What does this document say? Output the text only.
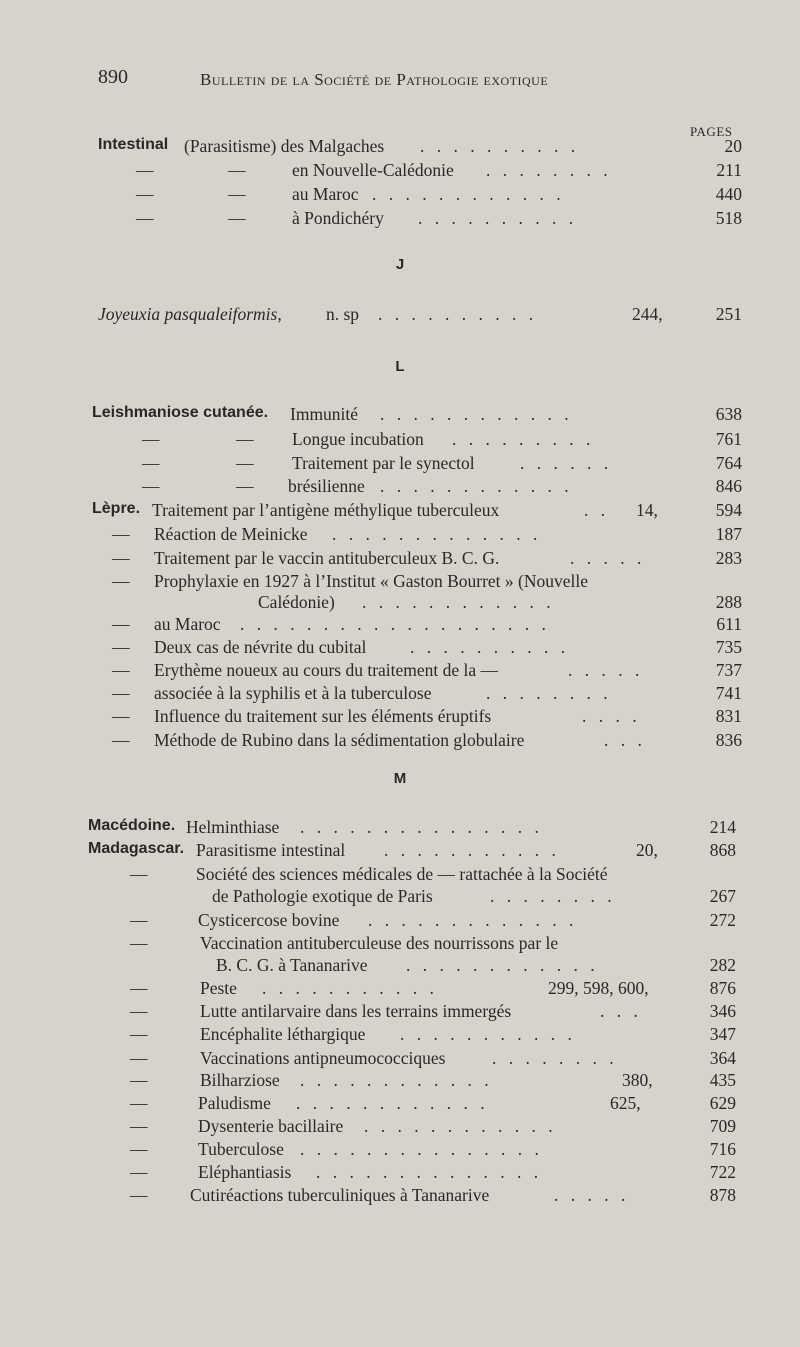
890	Bulletin de la Société de Pathologie exotique
PAGES
Intestinal (Parasitisme) des Malgaches . . . . . . . . . .	20
—	—	en Nouvelle-Calédonie . . . . . . . .	211
—	—	au Maroc . . . . . . . . . . . .	440
—	—	à Pondichéry . . . . . . . . . .	518
J
Joyeuxia pasqualeiformis,	n. sp . . . . . . . . . .	244,	251
L
Leishmaniose cutanée. Immunité . . . . . . . . . . . .	638
—	— Longue incubation . . . . . . . . .	761
—	— Traitement par le synectol	. . . . . .	764
—	— brésilienne . . . . . . . . . . . .	846
Lèpre. Traitement par l’antigène méthylique tuberculeux	. . 14,	594
— Réaction de Meinicke . . . . . . . . . . . . .	187
— Traitement par le vaccin antituberculeux B. C. G.	. . . . .	283
— Prophylaxie en 1927 à l’Institut « Gaston Bourret » (Nouvelle
Calédonie) . . . . . . . . . . . .	288
— au Maroc . . . . . . . . . . . . . . . . . . .	611
— Deux cas de névrite du cubital . . . . . . . . . .	735
— Erythème noueux au cours du traitement de la —	. . . . .	737
— associée à la syphilis et à la tuberculose	. . . . . . . .	741
— Influence du traitement sur les éléments éruptifs	. . . .	831
— Méthode de Rubino dans la sédimentation globulaire	. . .	836
M
Macédoine. Helminthiase . . . . . . . . . . . . . . .	214
Madagascar. Parasitisme intestinal . . . . . . . . . . .	20,	868
—	Société des sciences médicales de — rattachée à la Société
de Pathologie exotique de Paris	. . . . . . . .	267
—	Cysticercose bovine . . . . . . . . . . . . .	272
—	Vaccination antituberculeuse des nourrissons par le
B. C. G. à Tananarive . . . . . . . . . . . .	282
—	Peste . . . . . . . . . . .	299, 598, 600,	876
—	Lutte antilarvaire dans les terrains immergés	. . .	346
—	Encéphalite léthargique . . . . . . . . . . .	347
—	Vaccinations antipneumococciques	. . . . . . . .	364
—	Bilharziose . . . . . . . . . . . .	380,	435
—	Paludisme . . . . . . . . . . . .	625,	629
—	Dysenterie bacillaire . . . . . . . . . . . .	709
—	Tuberculose . . . . . . . . . . . . . . .	716
—	Eléphantiasis . . . . . . . . . . . . . .	722
— Cutiréactions tuberculiniques à Tananarive	. . . . .	878
